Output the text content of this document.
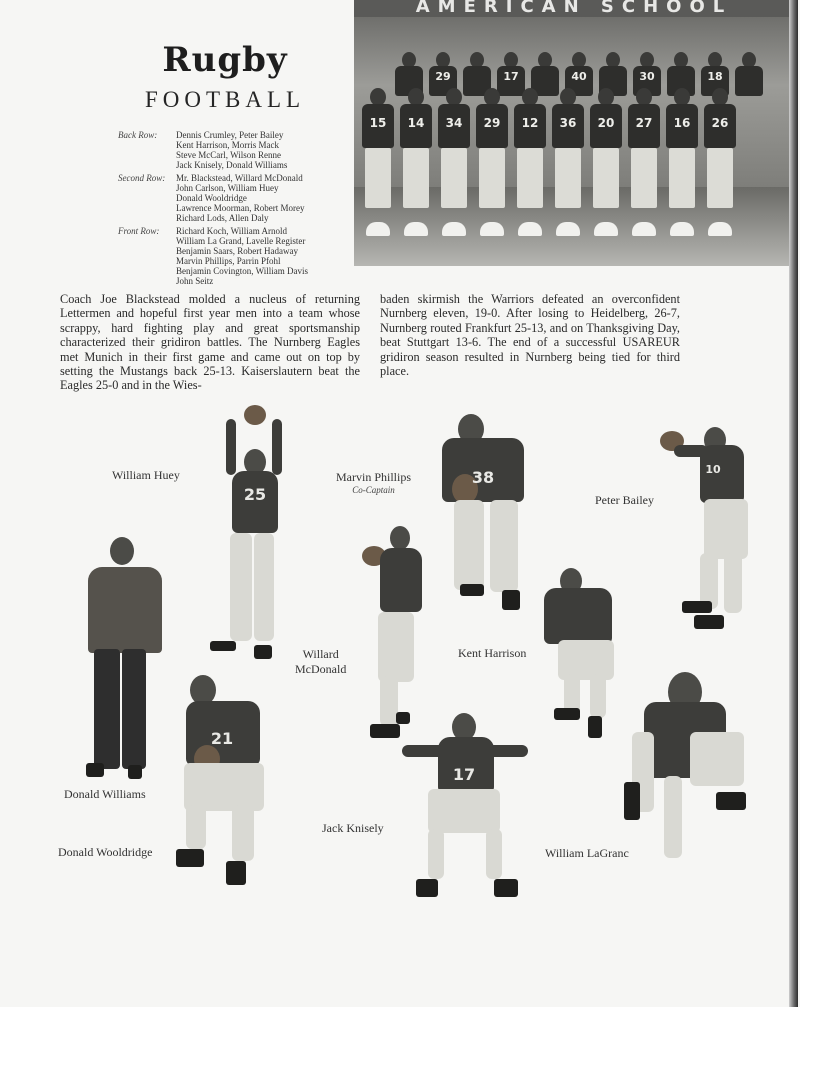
Rugby
FOOTBALL
Back Row:	Dennis Crumley, Peter Bailey
Kent Harrison, Morris Mack
Steve McCarl, Wilson Renne
Jack Knisely, Donald Williams
Second Row:	Mr. Blackstead, Willard McDonald
John Carlson, William Huey
Donald Wooldridge
Lawrence Moorman, Robert Morey
Richard Lods, Allen Daly
Front Row:	Richard Koch, William Arnold
William La Grand, Lavelle Register
Benjamin Saars, Robert Hadaway
Marvin Phillips, Parrin Pfohl
Benjamin Covington, William Davis
John Seitz
AMERICAN SCHOOL
29	17	40	30	18
15	14	34	29	12	36	20	27	16	26
Coach Joe Blackstead molded a nucleus of returning Lettermen and hopeful first year men into a team whose scrappy, hard fighting play and great sportsmanship characterized their gridiron battles. The Nurnberg Eagles met Munich in their first game and came out on top by setting the Mustangs back 25-13. Kaiserslautern beat the Eagles 25-0 and in the Wies-
baden skirmish the Warriors defeated an overconfident Nurnberg eleven, 19-0. After losing to Heidelberg, 26-7, Nurnberg routed Frankfurt 25-13, and on Thanksgiving Day, beat Stuttgart 13-6. The end of a successful USAREUR gridiron season resulted in Nurnberg being tied for third place.
25
William Huey	38
Marvin Phillips
Co-Captain
10
Peter Bailey
Donald Williams
Willard
McDonald
Kent Harrison
21
Donald Wooldridge
17
Jack Knisely
William LaGranc
